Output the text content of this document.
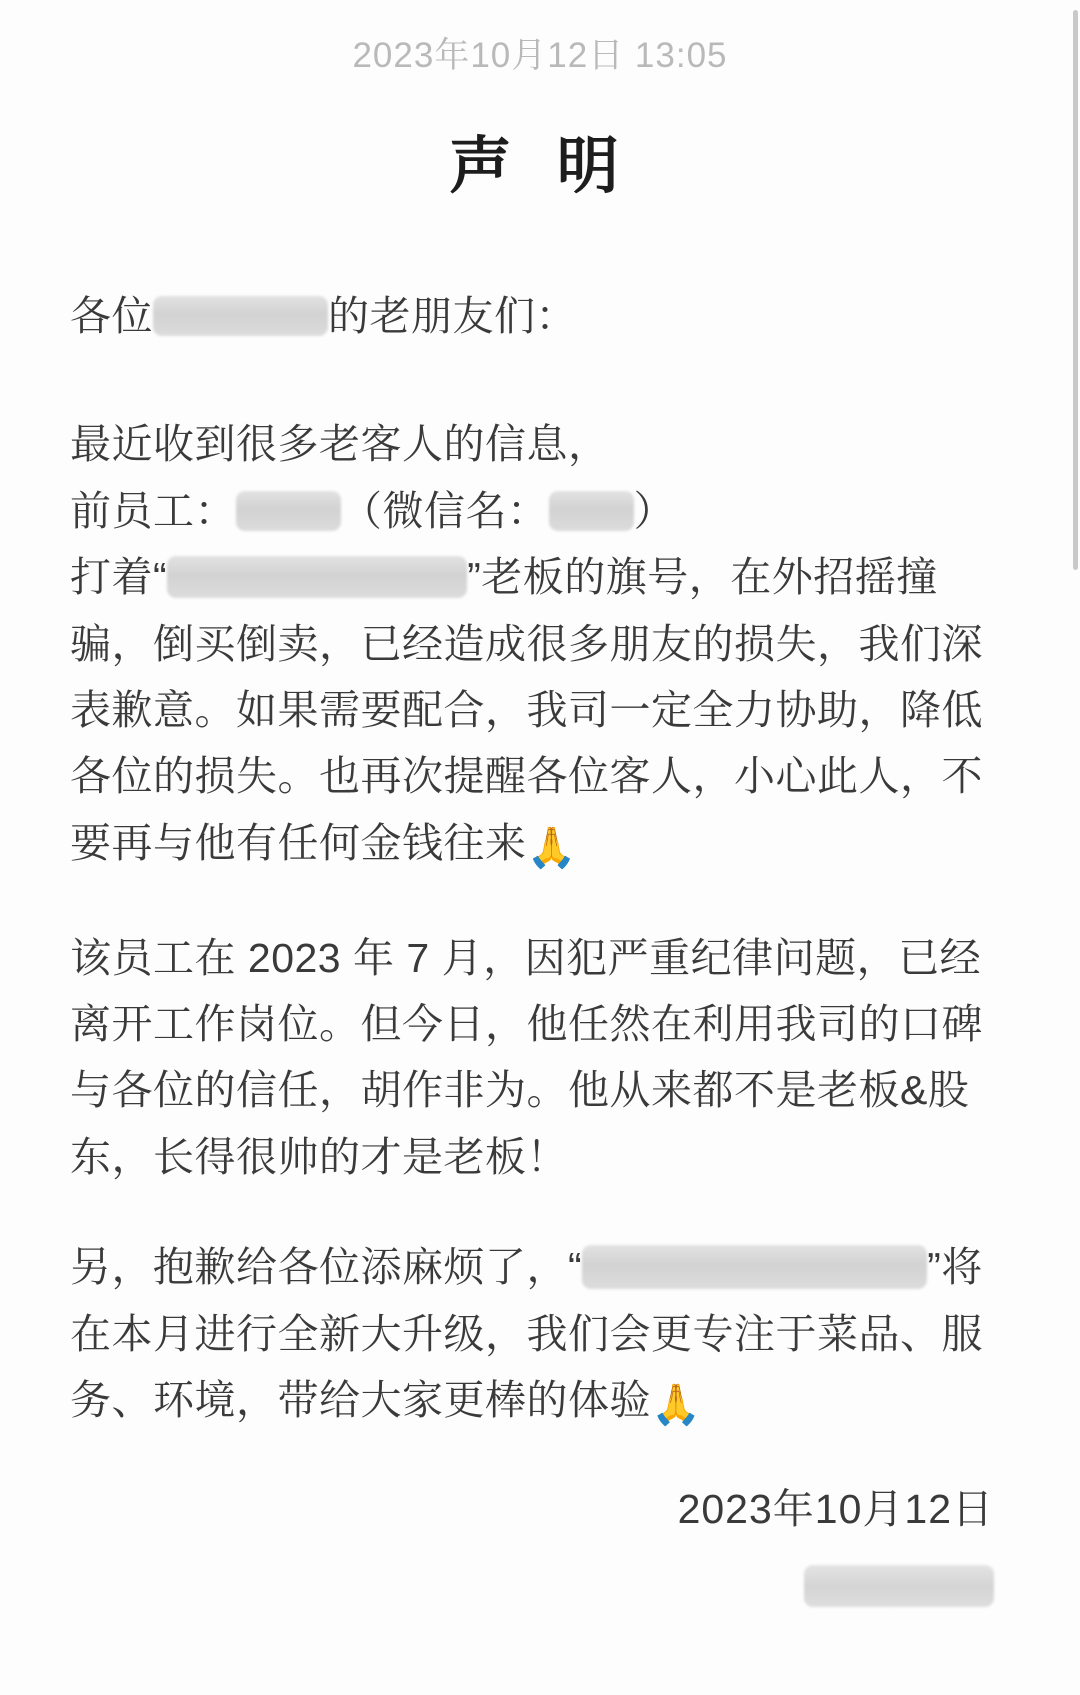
2023年10月12日 13:05
声 明

各位	的老朋友们：

最近收到很多老客人的信息，
前员工：	（微信名： ）
打着“	”老板的旗号，在外招摇撞骗，倒买倒卖，已经造成很多朋友的损失，我们深表歉意。如果需要配合，我司一定全力协助，降低各位的损失。也再次提醒各位客人，小心此人，不要再与他有任何金钱往来🙏

该员工在 2023 年 7 月，因犯严重纪律问题，已经离开工作岗位。但今日，他任然在利用我司的口碑与各位的信任，胡作非为。他从来都不是老板&股东，长得很帅的才是老板！

另，抱歉给各位添麻烦了，“	”将在本月进行全新大升级，我们会更专注于菜品、服务、环境，带给大家更棒的体验🙏

2023年10月12日
